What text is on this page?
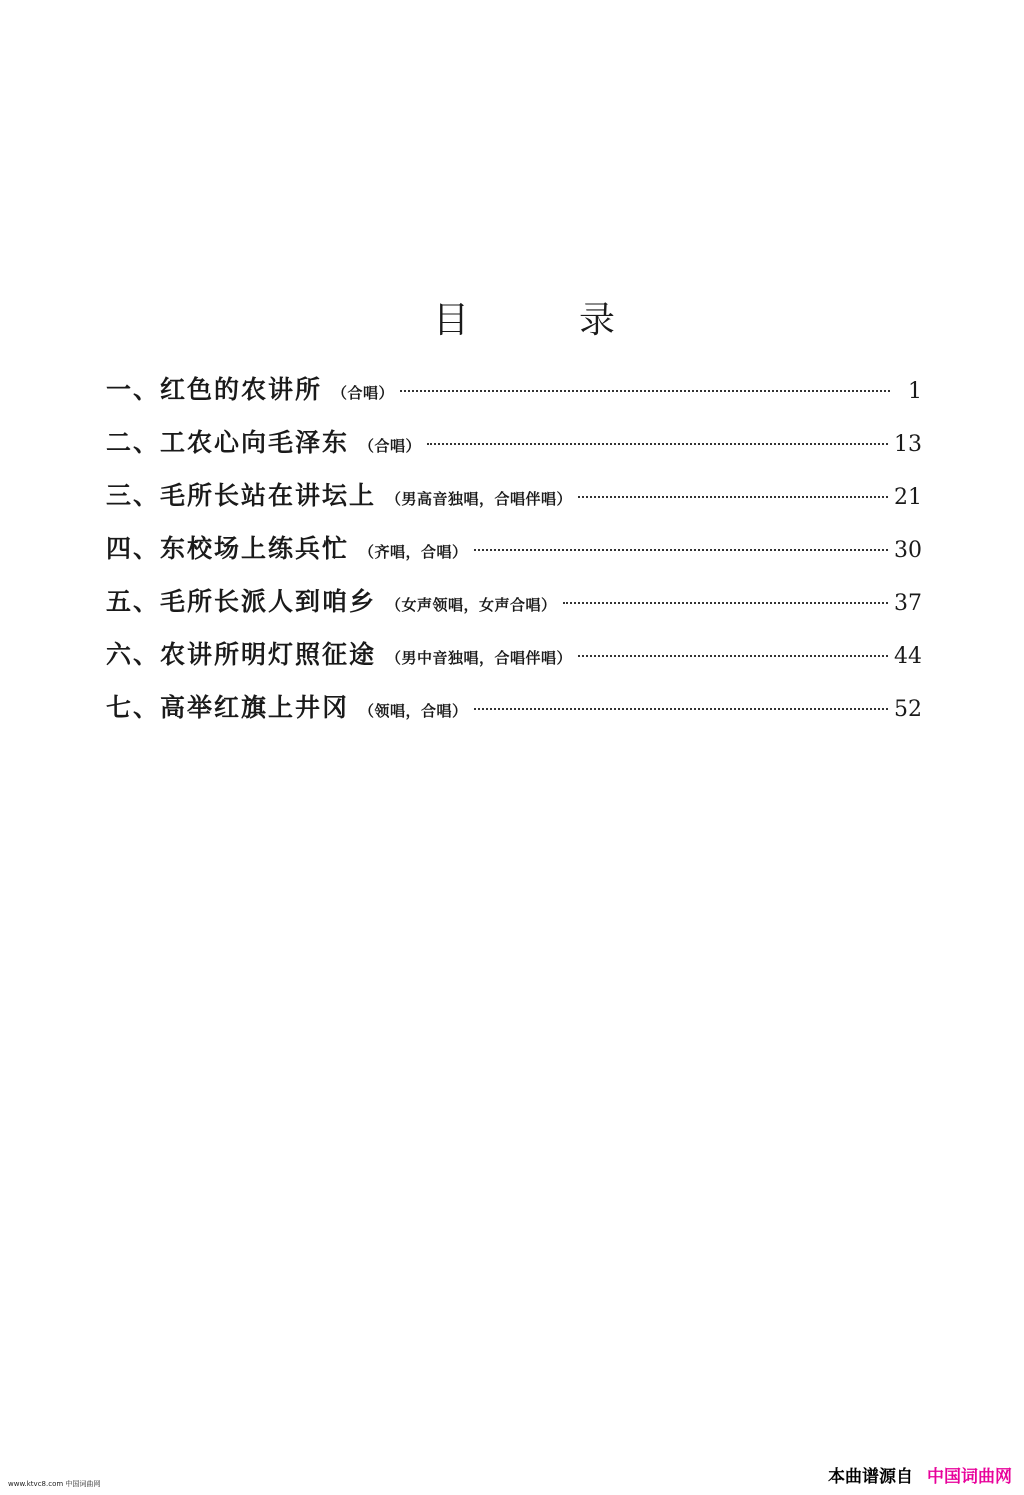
目	录
一、红色的农讲所 （合唱）	1
二、工农心向毛泽东 （合唱）	13
三、毛所长站在讲坛上 （男高音独唱，合唱伴唱）	21
四、东校场上练兵忙 （齐唱，合唱）	30
五、毛所长派人到咱乡 （女声领唱，女声合唱）	37
六、农讲所明灯照征途 （男中音独唱，合唱伴唱）	44
七、高举红旗上井冈 （领唱，合唱）	52
www.ktvc8.com 中国词曲网	本曲谱源自 中国词曲网
